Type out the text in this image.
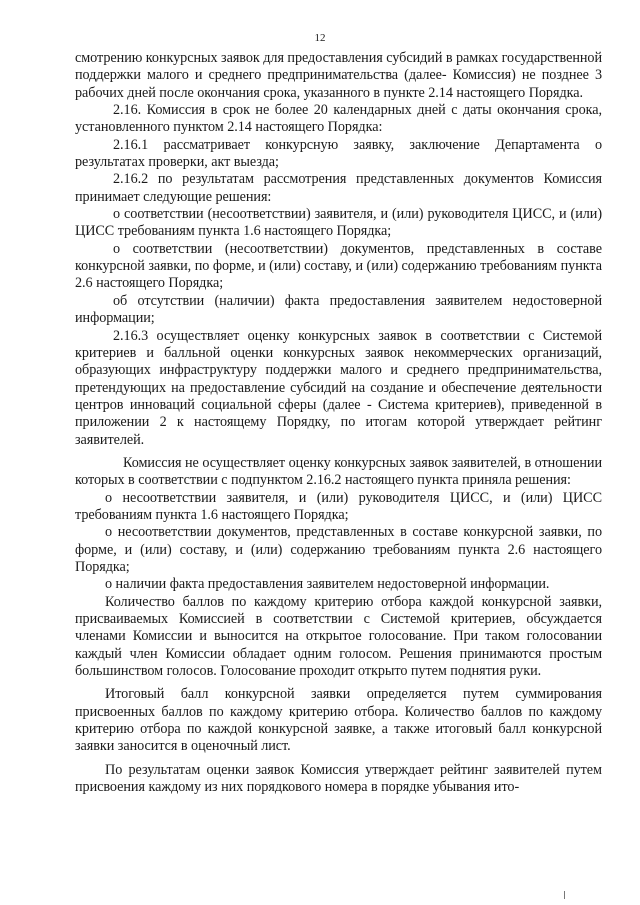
12

смотрению конкурсных заявок для предоставления субсидий в рамках государственной поддержки малого и среднего предпринимательства (далее- Комиссия) не позднее 3 рабочих дней после окончания срока, указанного в пункте 2.14 настоящего Порядка.

2.16. Комиссия в срок не более 20 календарных дней с даты окончания срока, установленного пунктом 2.14 настоящего Порядка:

2.16.1 рассматривает конкурсную заявку, заключение Департамента о результатах проверки, акт выезда;

2.16.2 по результатам рассмотрения представленных документов Комиссия принимает следующие решения:

о соответствии (несоответствии) заявителя, и (или) руководителя ЦИСС, и (или) ЦИСС требованиям пункта 1.6 настоящего Порядка;

о соответствии (несоответствии) документов, представленных в составе конкурсной заявки, по форме, и (или) составу, и (или) содержанию требованиям пункта 2.6 настоящего Порядка;

об отсутствии (наличии) факта предоставления заявителем недостоверной информации;

2.16.3 осуществляет оценку конкурсных заявок в соответствии с Системой критериев и балльной оценки конкурсных заявок некоммерческих организаций, образующих инфраструктуру поддержки малого и среднего предпринимательства, претендующих на предоставление субсидий на создание и обеспечение деятельности центров инноваций социальной сферы (далее - Система критериев), приведенной в приложении 2 к настоящему Порядку, по итогам которой утверждает рейтинг заявителей.

Комиссия не осуществляет оценку конкурсных заявок заявителей, в отношении которых в соответствии с подпунктом 2.16.2 настоящего пункта приняла решения:

о несоответствии заявителя, и (или) руководителя ЦИСС, и (или) ЦИСС требованиям пункта 1.6 настоящего Порядка;

о несоответствии документов, представленных в составе конкурсной заявки, по форме, и (или) составу, и (или) содержанию требованиям пункта 2.6 настоящего Порядка;

о наличии факта предоставления заявителем недостоверной информации.

Количество баллов по каждому критерию отбора каждой конкурсной заявки, присваиваемых Комиссией в соответствии с Системой критериев, обсуждается членами Комиссии и выносится на открытое голосование. При таком голосовании каждый член Комиссии обладает одним голосом. Решения принимаются простым большинством голосов. Голосование проходит открыто путем поднятия руки.

Итоговый балл конкурсной заявки определяется путем суммирования присвоенных баллов по каждому критерию отбора. Количество баллов по каждому критерию отбора по каждой конкурсной заявке, а также итоговый балл конкурсной заявки заносится в оценочный лист.

По результатам оценки заявок Комиссия утверждает рейтинг заявителей путем присвоения каждому из них порядкового номера в порядке убывания ито-
